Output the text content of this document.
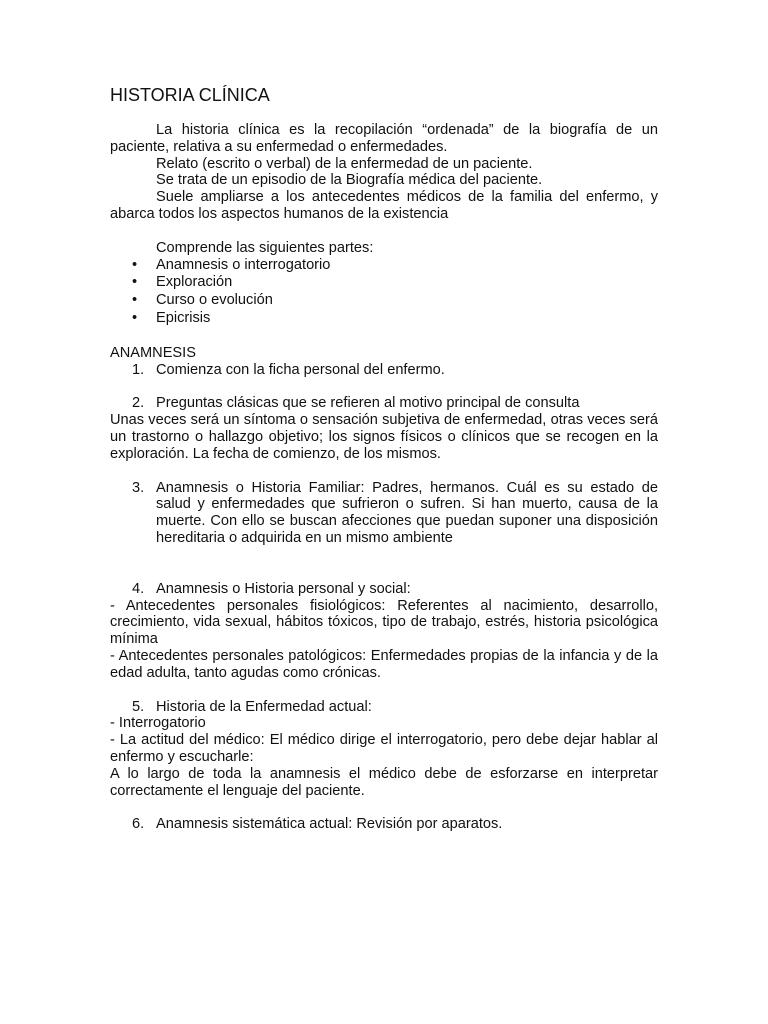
HISTORIA CLÍNICA

La historia clínica es la recopilación “ordenada” de la biografía de un paciente, relativa a su enfermedad o enfermedades.

Relato (escrito o verbal) de la enfermedad de un paciente.

Se trata de un episodio de la Biografía médica del paciente.

Suele ampliarse a los antecedentes médicos de la familia del enfermo, y abarca todos los aspectos humanos de la existencia

Comprende las siguientes partes:

• Anamnesis o interrogatorio
• Exploración
• Curso o evolución
• Epicrisis

ANAMNESIS

1. Comienza con la ficha personal del enfermo.
2. Preguntas clásicas que se refieren al motivo principal de consulta

Unas veces será un síntoma o sensación subjetiva de enfermedad, otras veces será un trastorno o hallazgo objetivo; los signos físicos o clínicos que se recogen en la exploración. La fecha de comienzo, de los mismos.

3. Anamnesis o Historia Familiar: Padres, hermanos. Cuál es su estado de salud y enfermedades que sufrieron o sufren. Si han muerto, causa de la muerte. Con ello se buscan afecciones que puedan suponer una disposición hereditaria o adquirida en un mismo ambiente
4. Anamnesis o Historia personal y social:

- Antecedentes personales fisiológicos: Referentes al nacimiento, desarrollo, crecimiento, vida sexual, hábitos tóxicos, tipo de trabajo, estrés, historia psicológica mínima

- Antecedentes personales patológicos: Enfermedades propias de la infancia y de la edad adulta, tanto agudas como crónicas.

5. Historia de la Enfermedad actual:

- Interrogatorio

- La actitud del médico: El médico dirige el interrogatorio, pero debe dejar hablar al enfermo y escucharle:

A lo largo de toda la anamnesis el médico debe de esforzarse en interpretar correctamente el lenguaje del paciente.

6. Anamnesis sistemática actual: Revisión por aparatos.
